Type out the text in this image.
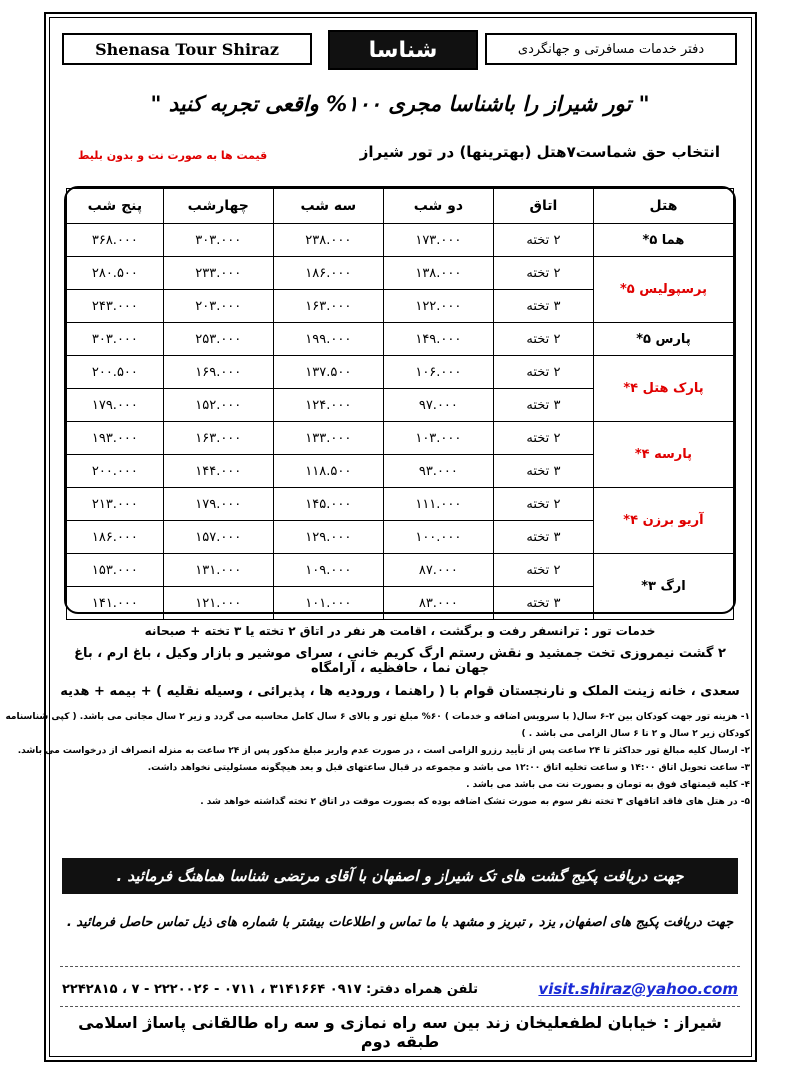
Shenasa Tour Shiraz	شناسا	دفتر خدمات مسافرتی و جهانگردی
" تور شیراز را باشناسا مجری ١٠٠% واقعی تجربه کنید "
انتخاب حق شماست٧هتل (بهترینها) در تور شیراز
قیمت ها به صورت نت و بدون بلیط
هتل	اتاق	دو شب	سه شب	چهارشب	پنج شب
هما ۵*	۲ تخته	۱۷۳.۰۰۰	۲۳۸.۰۰۰	۳۰۳.۰۰۰	۳۶۸.۰۰۰
پرسپولیس ۵*	۲ تخته	۱۳۸.۰۰۰	۱۸۶.۰۰۰	۲۳۳.۰۰۰	۲۸۰.۵۰۰
	۳ تخته	۱۲۲.۰۰۰	۱۶۳.۰۰۰	۲۰۳.۰۰۰	۲۴۳.۰۰۰
پارس ۵*	۲ تخته	۱۴۹.۰۰۰	۱۹۹.۰۰۰	۲۵۳.۰۰۰	۳۰۳.۰۰۰
پارک هتل ۴*	۲ تخته	۱۰۶.۰۰۰	۱۳۷.۵۰۰	۱۶۹.۰۰۰	۲۰۰.۵۰۰
	۳ تخته	۹۷.۰۰۰	۱۲۴.۰۰۰	۱۵۲.۰۰۰	۱۷۹.۰۰۰
پارسه ۴*	۲ تخته	۱۰۳.۰۰۰	۱۳۳.۰۰۰	۱۶۳.۰۰۰	۱۹۳.۰۰۰
	۳ تخته	۹۳.۰۰۰	۱۱۸.۵۰۰	۱۴۴.۰۰۰	۲۰۰.۰۰۰
آریو برزن ۴*	۲ تخته	۱۱۱.۰۰۰	۱۴۵.۰۰۰	۱۷۹.۰۰۰	۲۱۳.۰۰۰
	۳ تخته	۱۰۰.۰۰۰	۱۲۹.۰۰۰	۱۵۷.۰۰۰	۱۸۶.۰۰۰
ارگ ۳*	۲ تخته	۸۷.۰۰۰	۱۰۹.۰۰۰	۱۳۱.۰۰۰	۱۵۳.۰۰۰
	۳ تخته	۸۳.۰۰۰	۱۰۱.۰۰۰	۱۲۱.۰۰۰	۱۴۱.۰۰۰
خدمات تور : ترانسفر رفت و برگشت ، اقامت هر نفر در اتاق ۲ تخته یا ۳ تخته + صبحانه
۲ گشت نیمروزی تخت جمشید و نقش رستم ارگ کریم خانی ، سرای موشیر و بازار وکیل ، باغ ارم ، باغ جهان نما ، حافظیه ، آرامگاه
سعدی ، خانه زینت الملک و نارنجستان قوام با ( راهنما ، ورودیه ها ، پذیرائی ، وسیله نقلیه ) + بیمه + هدیه
١- هزینه تور جهت کودکان بین ۲-۶ سال( با سرویس اضافه و خدمات ) ۶۰% مبلغ تور و بالای ۶ سال کامل محاسبه می گردد و زیر ۲ سال مجانی می باشد. ( کپی شناسنامه
کودکان زیر ۲ سال و ۲ تا ۶ سال الزامی می باشد . )
۲- ارسال کلیه مبالغ تور حداکثر تا ۲۴ ساعت پس از تأیید رزرو الزامی است ، در صورت عدم واریز مبلغ مذکور پس از ۲۴ ساعت به منزله انصراف از درخواست می باشد.
۳- ساعت تحویل اتاق ١۴:۰۰ و ساعت تخلیه اتاق ١۲:۰۰ می باشد و مجموعه در قبال ساعتهای قبل و بعد هیچگونه مسئولیتی نخواهد داشت.
۴- کلیه قیمتهای فوق به تومان و بصورت نت می باشد می باشد .
۵- در هتل های فاقد اتاقهای ۳ تخته نفر سوم به صورت تشک اضافه بوده که بصورت موقت در اتاق ۲ تخته گذاشته خواهد شد .
جهت دریافت پکیج گشت های تک شیراز و اصفهان با آقای مرتضی شناسا هماهنگ فرمائید .
جهت دریافت پکیج های اصفهان, یزد , تبریز و مشهد با ما تماس و اطلاعات بیشتر با شماره های ذیل تماس حاصل فرمائید .
visit.shiraz@yahoo.com
تلفن همراه دفتر: ۰۹۱۷ ۳۱۴۱۶۶۴ ، ۰۷۱۱ - ۲۲۲۰۰۲۶ - ۷ ، ۲۲۴۲۸۱۵
شیراز : خیابان لطفعلیخان زند بین سه راه نمازی و سه راه طالقانی پاساژ اسلامی طبقه دوم
